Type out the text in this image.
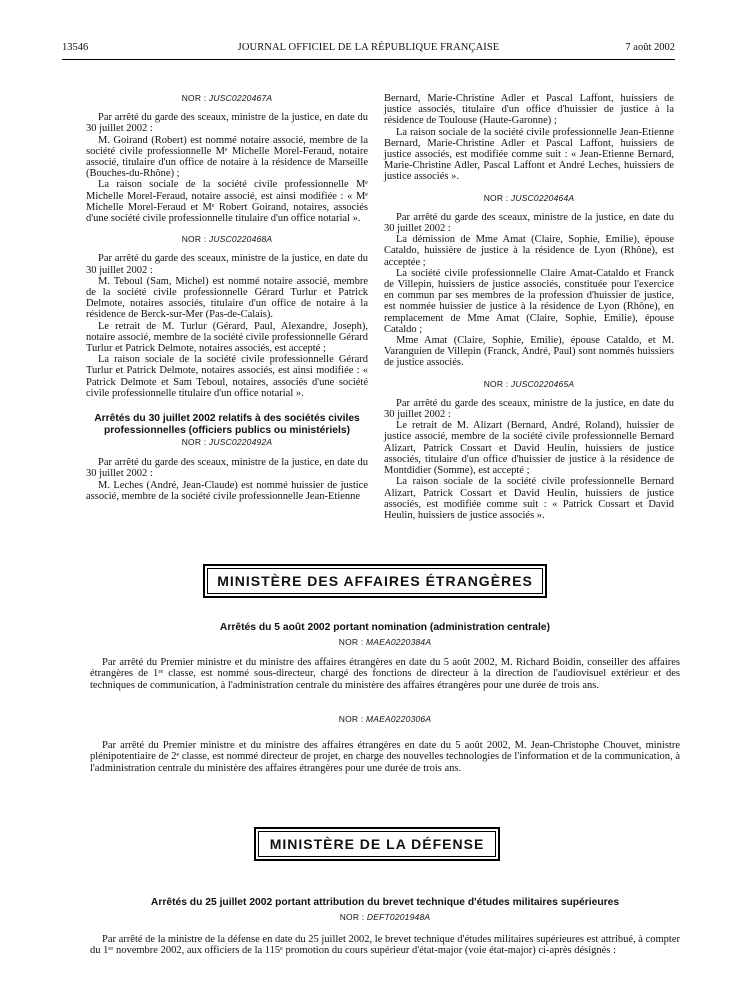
13546	JOURNAL OFFICIEL DE LA RÉPUBLIQUE FRANÇAISE	7 août 2002

NOR : JUSC0220467A

Par arrêté du garde des sceaux, ministre de la justice, en date du 30 juillet 2002 :

M. Goirand (Robert) est nommé notaire associé, membre de la société civile professionnelle Mᵉ Michelle Morel-Feraud, notaire associé, titulaire d'un office de notaire à la résidence de Marseille (Bouches-du-Rhône) ;

La raison sociale de la société civile professionnelle Mᵉ Michelle Morel-Feraud, notaire associé, est ainsi modifiée : « Mᵉ Michelle Morel-Feraud et Mᵉ Robert Goirand, notaires, associés d'une société civile professionnelle titulaire d'un office notarial ».

NOR : JUSC0220468A

Par arrêté du garde des sceaux, ministre de la justice, en date du 30 juillet 2002 :

M. Teboul (Sam, Michel) est nommé notaire associé, membre de la société civile professionnelle Gérard Turlur et Patrick Delmote, notaires associés, titulaire d'un office de notaire à la résidence de Berck-sur-Mer (Pas-de-Calais).

Le retrait de M. Turlur (Gérard, Paul, Alexandre, Joseph), notaire associé, membre de la société civile professionnelle Gérard Turlur et Patrick Delmote, notaires associés, est accepté ;

La raison sociale de la société civile professionnelle Gérard Turlur et Patrick Delmote, notaires associés, est ainsi modifiée : « Patrick Delmote et Sam Teboul, notaires, associés d'une société civile professionnelle titulaire d'un office notarial ».

Arrêtés du 30 juillet 2002 relatifs à des sociétés civiles professionnelles (officiers publics ou ministériels)

NOR : JUSC0220492A

Par arrêté du garde des sceaux, ministre de la justice, en date du 30 juillet 2002 :

M. Leches (André, Jean-Claude) est nommé huissier de justice associé, membre de la société civile professionnelle Jean-Etienne

Bernard, Marie-Christine Adler et Pascal Laffont, huissiers de justice associés, titulaire d'un office d'huissier de justice à la résidence de Toulouse (Haute-Garonne) ;

La raison sociale de la société civile professionnelle Jean-Etienne Bernard, Marie-Christine Adler et Pascal Laffont, huissiers de justice associés, est modifiée comme suit : « Jean-Etienne Bernard, Marie-Christine Adler, Pascal Laffont et André Leches, huissiers de justice associés ».

NOR : JUSC0220464A

Par arrêté du garde des sceaux, ministre de la justice, en date du 30 juillet 2002 :

La démission de Mme Amat (Claire, Sophie, Emilie), épouse Cataldo, huissière de justice à la résidence de Lyon (Rhône), est acceptée ;

La société civile professionnelle Claire Amat-Cataldo et Franck de Villepin, huissiers de justice associés, constituée pour l'exercice en commun par ses membres de la profession d'huissier de justice, est nommée huissier de justice à la résidence de Lyon (Rhône), en remplacement de Mme Amat (Claire, Sophie, Emilie), épouse Cataldo ;

Mme Amat (Claire, Sophie, Emilie), épouse Cataldo, et M. Varanguien de Villepin (Franck, André, Paul) sont nommés huissiers de justice associés.

NOR : JUSC0220465A

Par arrêté du garde des sceaux, ministre de la justice, en date du 30 juillet 2002 :

Le retrait de M. Alizart (Bernard, André, Roland), huissier de justice associé, membre de la société civile professionnelle Bernard Alizart, Patrick Cossart et David Heulin, huissiers de justice associés, titulaire d'un office d'huissier de justice à la résidence de Montdidier (Somme), est accepté ;

La raison sociale de la société civile professionnelle Bernard Alizart, Patrick Cossart et David Heulin, huissiers de justice associés, est modifiée comme suit : « Patrick Cossart et David Heulin, huissiers de justice associés ».

MINISTÈRE DES AFFAIRES ÉTRANGÈRES
Arrêtés du 5 août 2002 portant nomination (administration centrale)
NOR : MAEA0220384A

Par arrêté du Premier ministre et du ministre des affaires étrangères en date du 5 août 2002, M. Richard Boidin, conseiller des affaires étrangères de 1ʳᵉ classe, est nommé sous-directeur, chargé des fonctions de directeur à la direction de l'audiovisuel extérieur et des techniques de communication, à l'administration centrale du ministère des affaires étrangères pour une durée de trois ans.

NOR : MAEA0220306A

Par arrêté du Premier ministre et du ministre des affaires étrangères en date du 5 août 2002, M. Jean-Christophe Chouvet, ministre plénipotentiaire de 2ᵉ classe, est nommé directeur de projet, en charge des nouvelles technologies de l'information et de la communication, à l'administration centrale du ministère des affaires étrangères pour une durée de trois ans.

MINISTÈRE DE LA DÉFENSE
Arrêtés du 25 juillet 2002 portant attribution du brevet technique d'études militaires supérieures
NOR : DEFT0201948A

Par arrêté de la ministre de la défense en date du 25 juillet 2002, le brevet technique d'études militaires supérieures est attribué, à compter du 1ᵉʳ novembre 2002, aux officiers de la 115ᵉ promotion du cours supérieur d'état-major (voie état-major) ci-après désignés :
